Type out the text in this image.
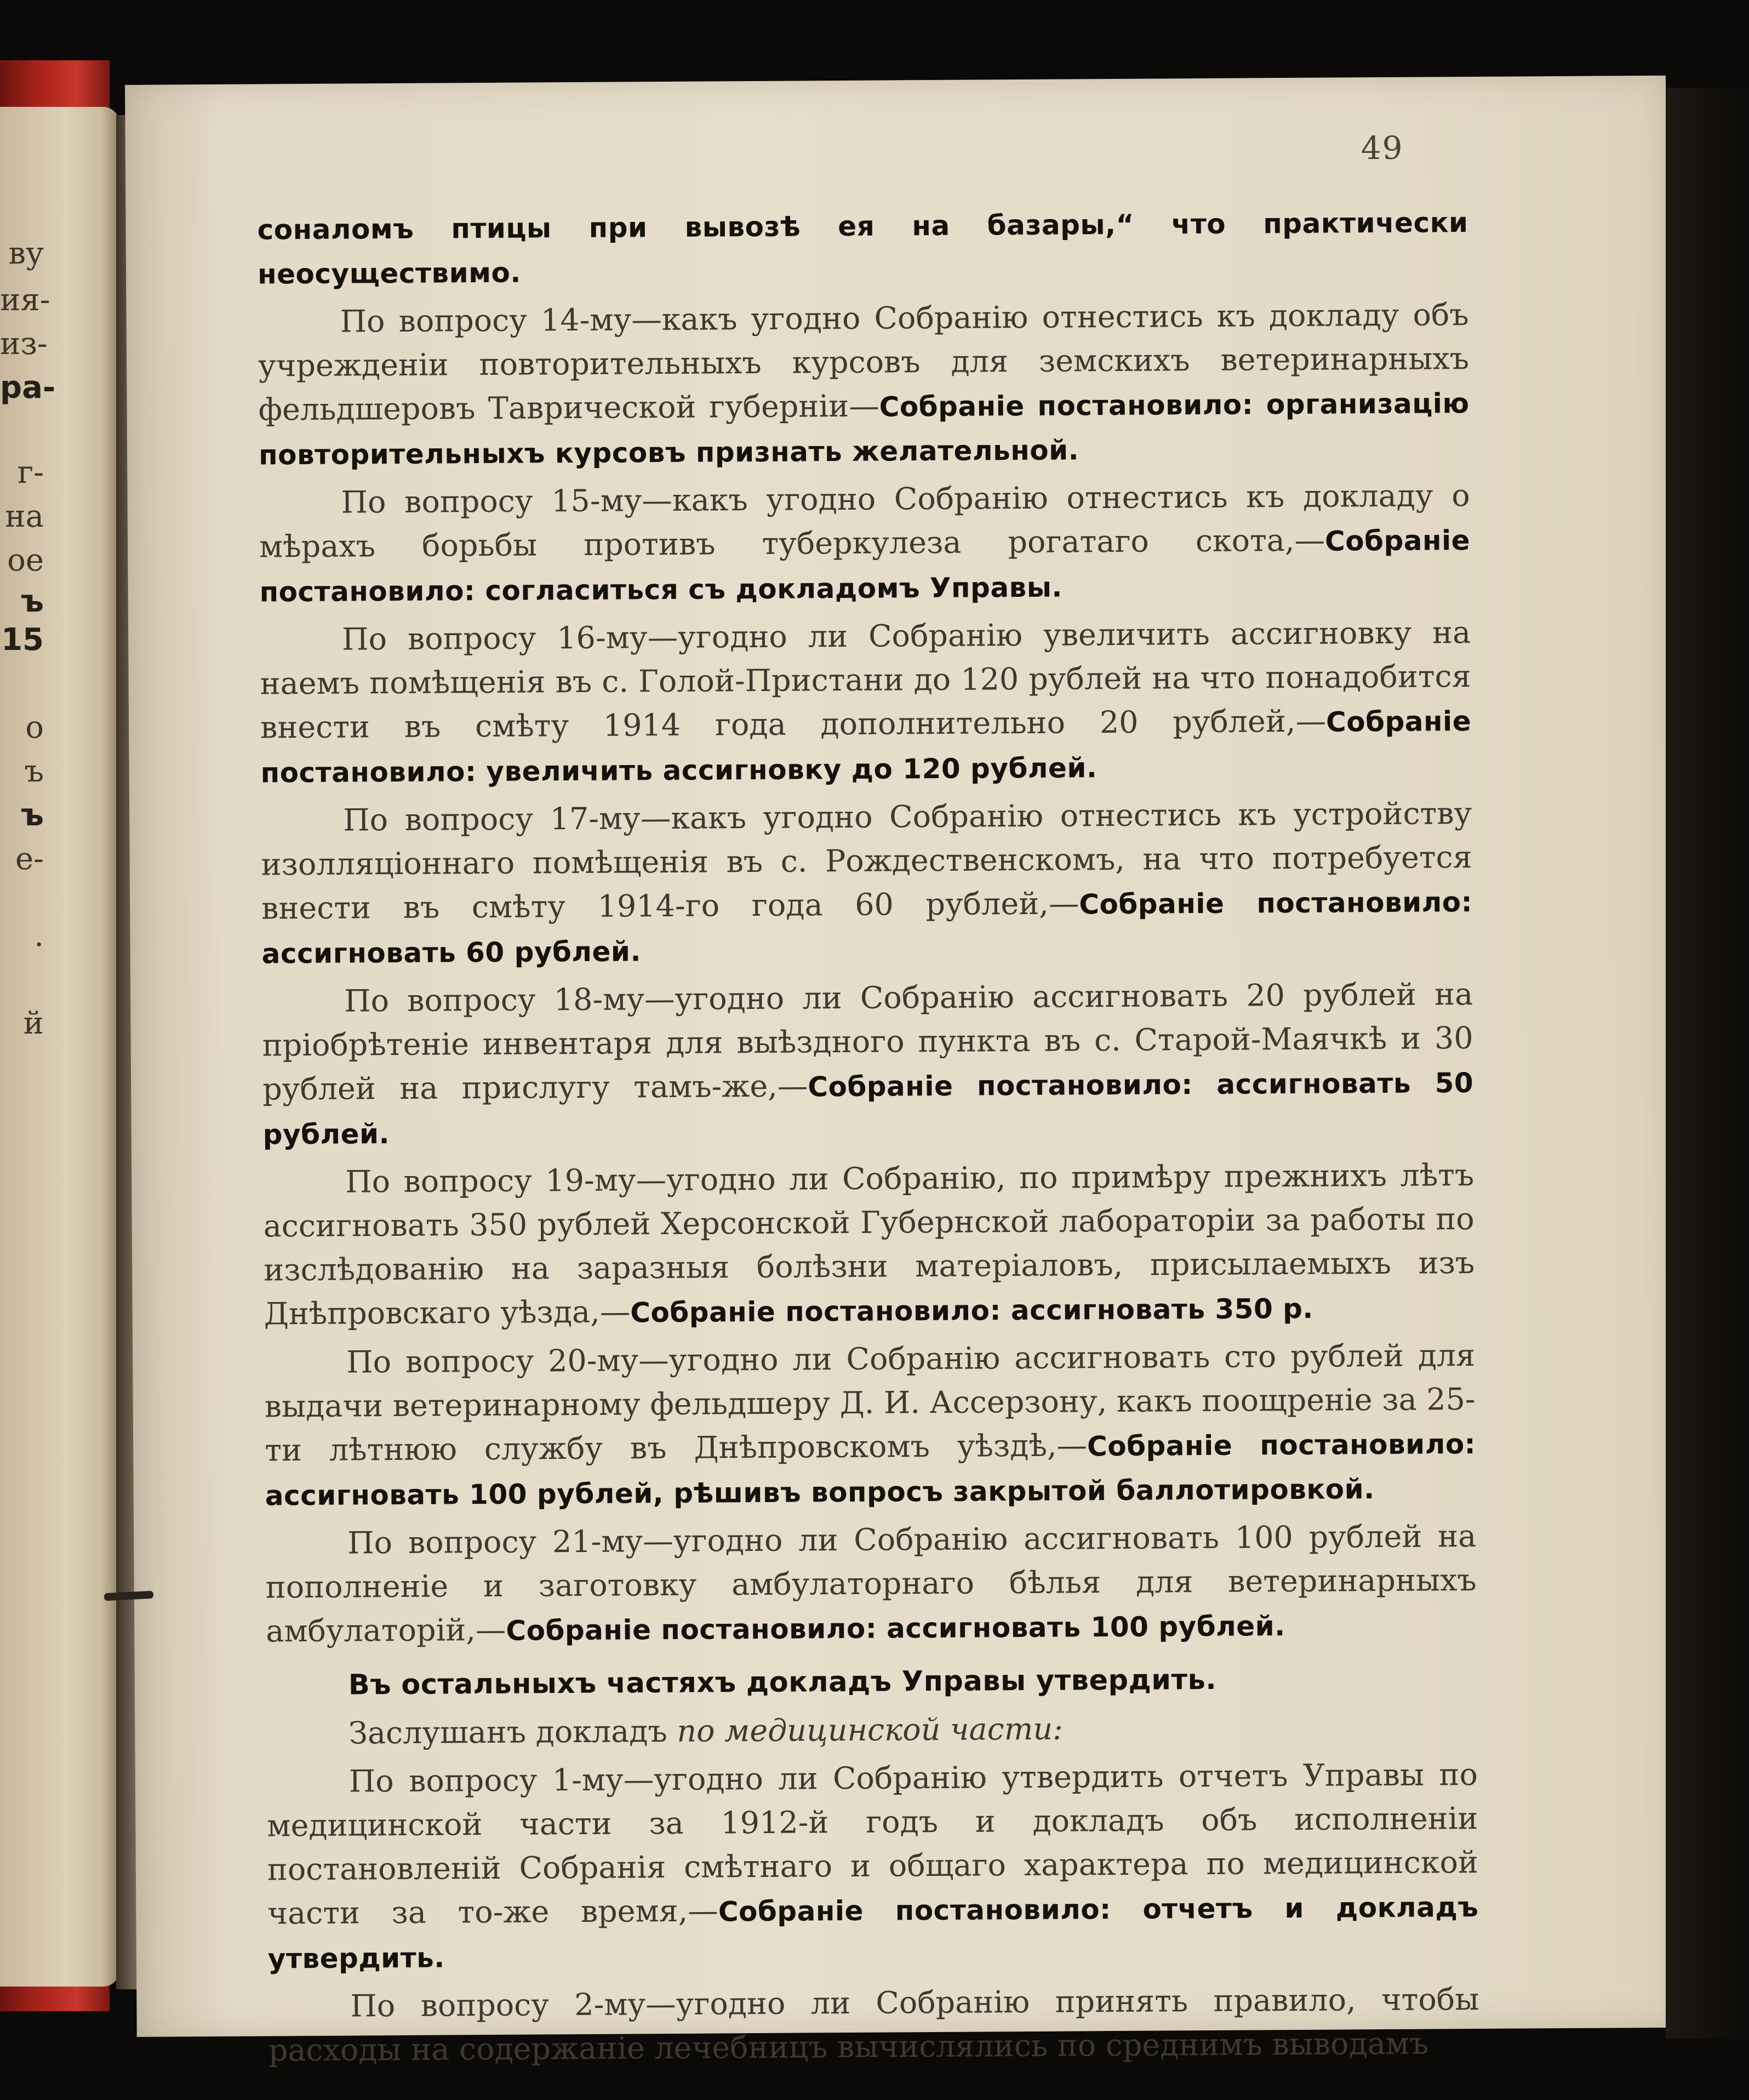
ву
ия-
из-
ра-
г-
на
ое
ъ
15
о
ъ
ъ
е-
.
й
49

соналомъ птицы при вывозѣ ея на базары,“ что практически неосуществимо.

По вопросу 14-му—какъ угодно Собранію отнестись къ докладу объ учрежденіи повторительныхъ курсовъ для земскихъ ветеринарныхъ фельдшеровъ Таврической губерніи—Собраніе постановило: организацію повторительныхъ курсовъ признать желательной.

По вопросу 15-му—какъ угодно Собранію отнестись къ докладу о мѣрахъ борьбы противъ туберкулеза рогатаго скота,—Собраніе постановило: согласиться съ докладомъ Управы.

По вопросу 16-му—угодно ли Собранію увеличить ассигновку на наемъ помѣщенія въ с. Голой-Пристани до 120 рублей на что понадобится внести въ смѣту 1914 года дополнительно 20 рублей,—Собраніе постановило: увеличить ассигновку до 120 рублей.

По вопросу 17-му—какъ угодно Собранію отнестись къ устройству изолляціоннаго помѣщенія въ с. Рождественскомъ, на что потребуется внести въ смѣту 1914-го года 60 рублей,—Собраніе постановило: ассигновать 60 рублей.

По вопросу 18-му—угодно ли Собранію ассигновать 20 рублей на пріобрѣтеніе инвентаря для выѣздного пункта въ с. Старой-Маячкѣ и 30 рублей на прислугу тамъ-же,—Собраніе постановило: ассигновать 50 рублей.

По вопросу 19-му—угодно ли Собранію, по примѣру прежнихъ лѣтъ ассигновать 350 рублей Херсонской Губернской лабораторіи за работы по изслѣдованію на заразныя болѣзни матеріаловъ, присылаемыхъ изъ Днѣпровскаго уѣзда,—Собраніе постановило: ассигновать 350 р.

По вопросу 20-му—угодно ли Собранію ассигновать сто рублей для выдачи ветеринарному фельдшеру Д. И. Ассерзону, какъ поощреніе за 25-ти лѣтнюю службу въ Днѣпровскомъ уѣздѣ,—Собраніе постановило: ассигновать 100 рублей, рѣшивъ вопросъ закрытой баллотировкой.

По вопросу 21-му—угодно ли Собранію ассигновать 100 рублей на пополненіе и заготовку амбулаторнаго бѣлья для ветеринарныхъ амбулаторій,—Собраніе постановило: ассигновать 100 рублей.

Въ остальныхъ частяхъ докладъ Управы утвердить.

Заслушанъ докладъ по медицинской части:

По вопросу 1-му—угодно ли Собранію утвердить отчетъ Управы по медицинской части за 1912-й годъ и докладъ объ исполненіи постановленій Собранія смѣтнаго и общаго характера по медицинской части за то-же время,—Собраніе постановило: отчетъ и докладъ утвердить.

По вопросу 2-му—угодно ли Собранію принять правило, чтобы расходы на содержаніе лечебницъ вычислялись по среднимъ выводамъ
